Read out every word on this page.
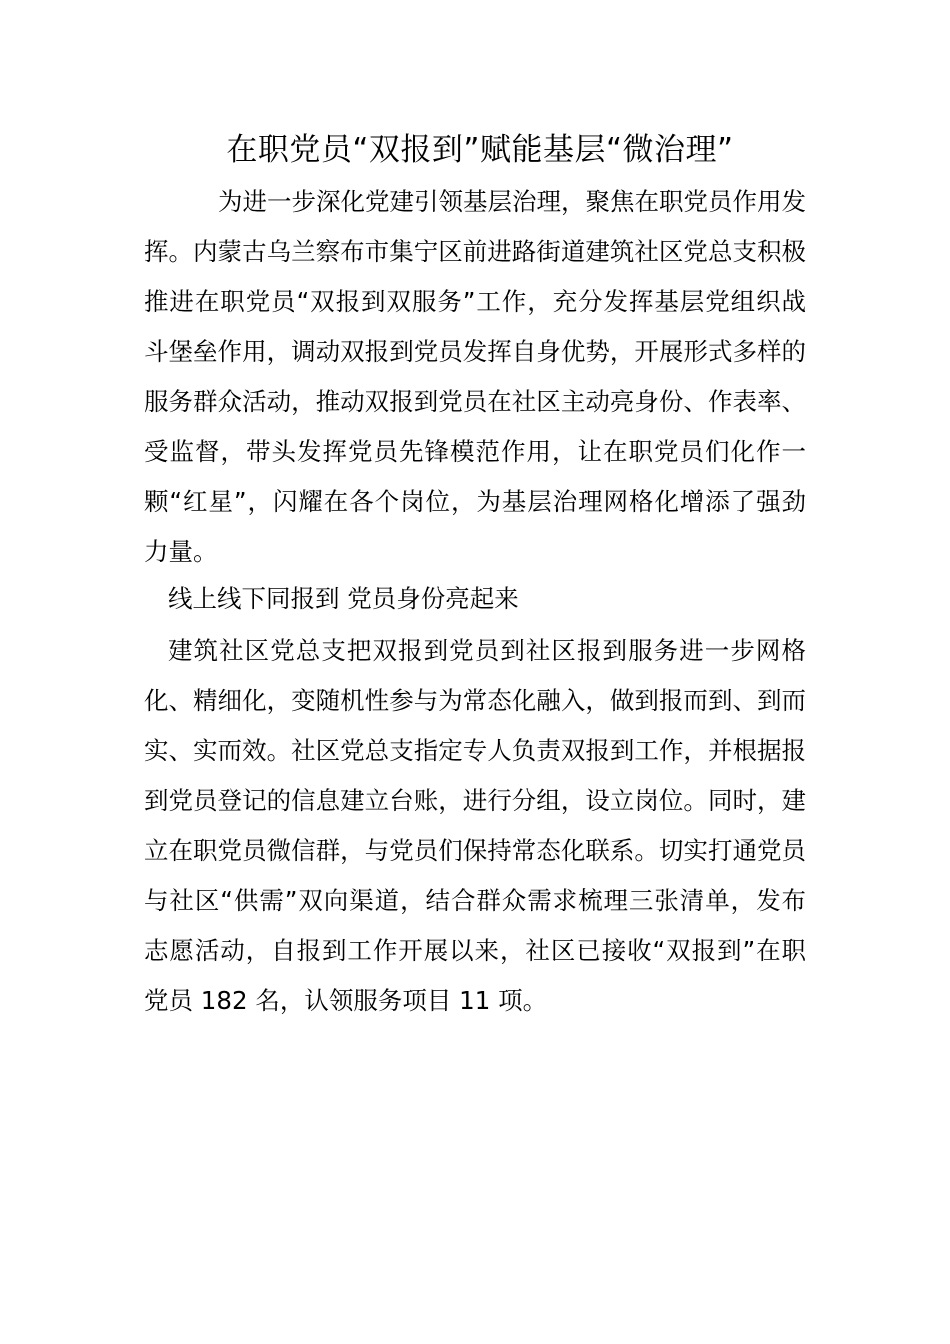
在职党员“双报到”赋能基层“微治理”
为进一步深化党建引领基层治理，聚焦在职党员作用发挥。内蒙古乌兰察布市集宁区前进路街道建筑社区党总支积极推进在职党员“双报到双服务”工作，充分发挥基层党组织战斗堡垒作用，调动双报到党员发挥自身优势，开展形式多样的服务群众活动，推动双报到党员在社区主动亮身份、作表率、受监督，带头发挥党员先锋模范作用，让在职党员们化作一颗“红星”，闪耀在各个岗位，为基层治理网格化增添了强劲力量。
线上线下同报到 党员身份亮起来
建筑社区党总支把双报到党员到社区报到服务进一步网格化、精细化，变随机性参与为常态化融入，做到报而到、到而实、实而效。社区党总支指定专人负责双报到工作，并根据报到党员登记的信息建立台账，进行分组，设立岗位。同时，建立在职党员微信群，与党员们保持常态化联系。切实打通党员与社区“供需”双向渠道，结合群众需求梳理三张清单，发布志愿活动，自报到工作开展以来，社区已接收“双报到”在职党员 182 名，认领服务项目 11 项。
